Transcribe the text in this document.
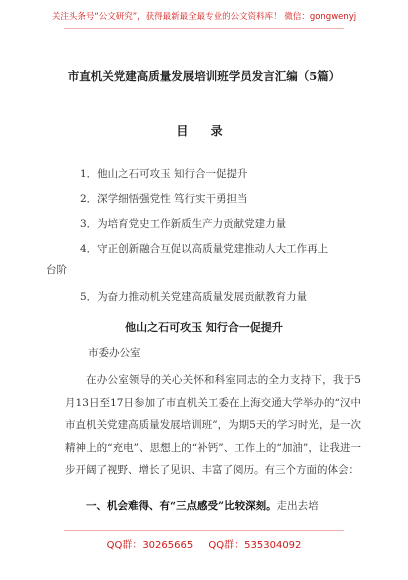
关注头条号“公文研究”，获得最新最全最专业的公文资料库！ 微信：gongwenyj
市直机关党建高质量发展培训班学员发言汇编（5篇）
目 录
1．他山之石可攻玉 知行合一促提升
2．深学细悟强党性 笃行实干勇担当
3．为培育党史工作新质生产力贡献党建力量
4．守正创新融合互促以高质量党建推动人大工作再上
台阶
5．为奋力推动机关党建高质量发展贡献教育力量
他山之石可攻玉 知行合一促提升
市委办公室

在办公室领导的关心关怀和科室同志的全力支持下，我于5月13日至17日参加了市直机关工委在上海交通大学举办的“汉中市直机关党建高质量发展培训班”，为期5天的学习时光，是一次精神上的“充电”、思想上的“补钙”、工作上的“加油”，让我进一步开阔了视野、增长了见识、丰富了阅历。有三个方面的体会：

一、机会难得、有“三点感受”比较深刻。走出去培
QQ群：30265665 QQ群：535304092
